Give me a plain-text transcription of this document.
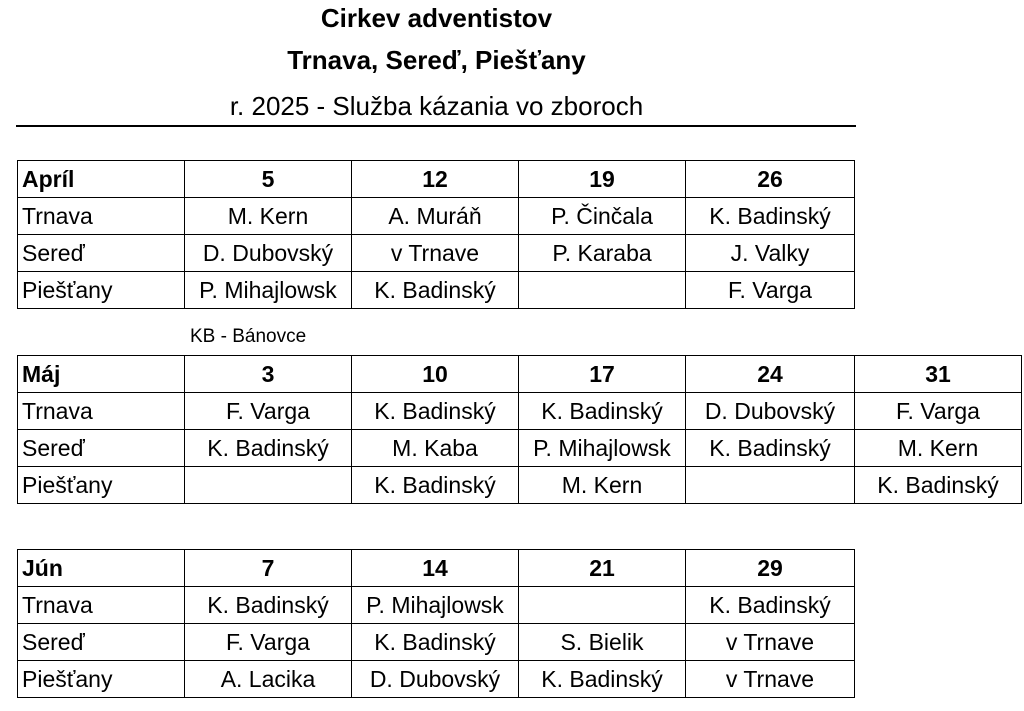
Cirkev adventistov
Trnava, Sereď, Piešťany
r. 2025 - Služba kázania vo zboroch
Apríl	5	12	19	26
Trnava	M. Kern	A. Muráň	P. Činčala	K. Badinský
Sereď	D. Dubovský	v Trnave	P. Karaba	J. Valky
Piešťany	P. Mihajlowsk	K. Badinský		F. Varga
KB - Bánovce
Máj	3	10	17	24	31
Trnava	F. Varga	K. Badinský	K. Badinský	D. Dubovský	F. Varga
Sereď	K. Badinský	M. Kaba	P. Mihajlowsk	K. Badinský	M. Kern
Piešťany		K. Badinský	M. Kern		K. Badinský
Jún	7	14	21	29
Trnava	K. Badinský	P. Mihajlowsk		K. Badinský
Sereď	F. Varga	K. Badinský	S. Bielik	v Trnave
Piešťany	A. Lacika	D. Dubovský	K. Badinský	v Trnave
